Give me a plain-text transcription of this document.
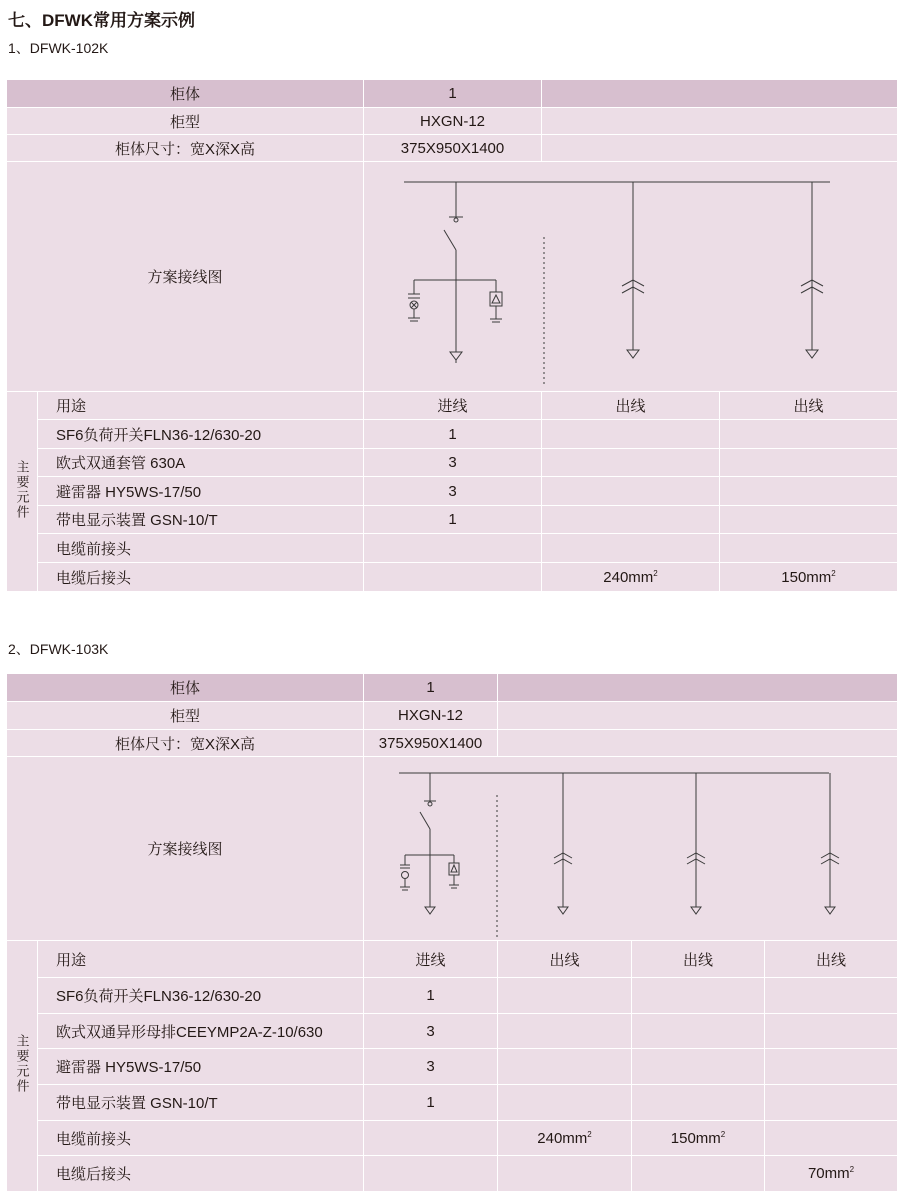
七、DFWK常用方案示例
1、DFWK-102K
柜体		1		
柜型		HXGN-12		
柜体尺寸：宽X深X高		375X950X1400		
方案接线图	

主要元件	用途	进线	出线	出线
	SF6负荷开关FLN36-12/630-20	1		
	欧式双通套管 630A	3		
	避雷器 HY5WS-17/50	3		
	带电显示装置 GSN-10/T	1		
	电缆前接头			
	电缆后接头		$240mm^2$	$150mm^2$
2、DFWK-103K
柜体		1			
柜型		HXGN-12			
柜体尺寸：宽X深X高		375X950X1400			
方案接线图	

主要元件	用途	进线	出线	出线	出线
	SF6负荷开关FLN36-12/630-20	1			
	欧式双通异形母排CEEYMP2A-Z-10/630	3			
	避雷器 HY5WS-17/50	3			
	带电显示装置 GSN-10/T	1			
	电缆前接头		$240mm^2$	$150mm^2$	
	电缆后接头				$70mm^2$
